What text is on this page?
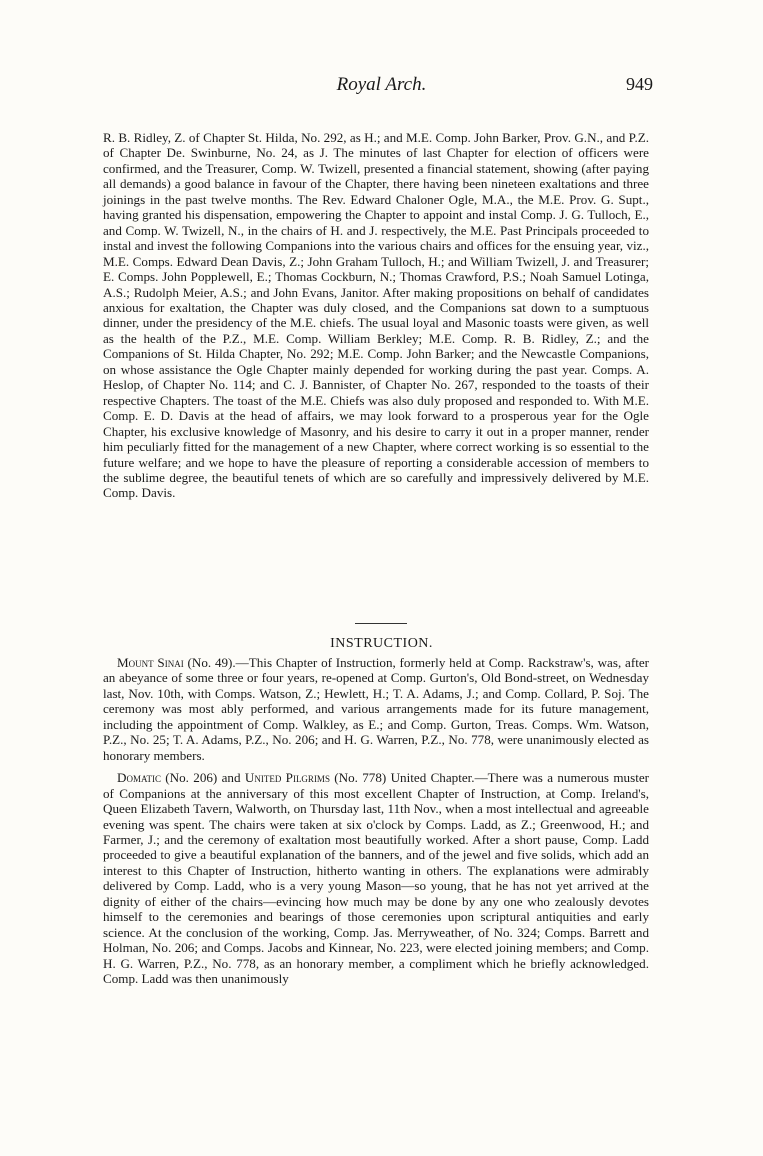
Royal Arch.	949

R. B. Ridley, Z. of Chapter St. Hilda, No. 292, as H.; and M.E. Comp. John Barker, Prov. G.N., and P.Z. of Chapter De. Swinburne, No. 24, as J. The minutes of last Chapter for election of officers were confirmed, and the Treasurer, Comp. W. Twizell, presented a financial statement, showing (after paying all demands) a good balance in favour of the Chapter, there having been nineteen exaltations and three joinings in the past twelve months. The Rev. Edward Chaloner Ogle, M.A., the M.E. Prov. G. Supt., having granted his dispensation, empowering the Chapter to appoint and instal Comp. J. G. Tulloch, E., and Comp. W. Twizell, N., in the chairs of H. and J. respectively, the M.E. Past Principals proceeded to instal and invest the following Companions into the various chairs and offices for the ensuing year, viz., M.E. Comps. Edward Dean Davis, Z.; John Graham Tulloch, H.; and William Twizell, J. and Treasurer; E. Comps. John Popplewell, E.; Thomas Cockburn, N.; Thomas Crawford, P.S.; Noah Samuel Lotinga, A.S.; Rudolph Meier, A.S.; and John Evans, Janitor. After making propositions on behalf of candidates anxious for exaltation, the Chapter was duly closed, and the Companions sat down to a sumptuous dinner, under the presidency of the M.E. chiefs. The usual loyal and Masonic toasts were given, as well as the health of the P.Z., M.E. Comp. William Berkley; M.E. Comp. R. B. Ridley, Z.; and the Companions of St. Hilda Chapter, No. 292; M.E. Comp. John Barker; and the Newcastle Companions, on whose assistance the Ogle Chapter mainly depended for working during the past year. Comps. A. Heslop, of Chapter No. 114; and C. J. Bannister, of Chapter No. 267, responded to the toasts of their respective Chapters. The toast of the M.E. Chiefs was also duly proposed and responded to. With M.E. Comp. E. D. Davis at the head of affairs, we may look forward to a prosperous year for the Ogle Chapter, his exclusive knowledge of Masonry, and his desire to carry it out in a proper manner, render him peculiarly fitted for the management of a new Chapter, where correct working is so essential to the future welfare; and we hope to have the pleasure of reporting a considerable accession of members to the sublime degree, the beautiful tenets of which are so carefully and impressively delivered by M.E. Comp. Davis.

INSTRUCTION.

Mount Sinai (No. 49).—This Chapter of Instruction, formerly held at Comp. Rackstraw's, was, after an abeyance of some three or four years, re-opened at Comp. Gurton's, Old Bond-street, on Wednesday last, Nov. 10th, with Comps. Watson, Z.; Hewlett, H.; T. A. Adams, J.; and Comp. Collard, P. Soj. The ceremony was most ably performed, and various arrangements made for its future management, including the appointment of Comp. Walkley, as E.; and Comp. Gurton, Treas. Comps. Wm. Watson, P.Z., No. 25; T. A. Adams, P.Z., No. 206; and H. G. Warren, P.Z., No. 778, were unanimously elected as honorary members.

Domatic (No. 206) and United Pilgrims (No. 778) United Chapter.—There was a numerous muster of Companions at the anniversary of this most excellent Chapter of Instruction, at Comp. Ireland's, Queen Elizabeth Tavern, Walworth, on Thursday last, 11th Nov., when a most intellectual and agreeable evening was spent. The chairs were taken at six o'clock by Comps. Ladd, as Z.; Greenwood, H.; and Farmer, J.; and the ceremony of exaltation most beautifully worked. After a short pause, Comp. Ladd proceeded to give a beautiful explanation of the banners, and of the jewel and five solids, which add an interest to this Chapter of Instruction, hitherto wanting in others. The explanations were admirably delivered by Comp. Ladd, who is a very young Mason—so young, that he has not yet arrived at the dignity of either of the chairs—evincing how much may be done by any one who zealously devotes himself to the ceremonies and bearings of those ceremonies upon scriptural antiquities and early science. At the conclusion of the working, Comp. Jas. Merryweather, of No. 324; Comps. Barrett and Holman, No. 206; and Comps. Jacobs and Kinnear, No. 223, were elected joining members; and Comp. H. G. Warren, P.Z., No. 778, as an honorary member, a compliment which he briefly acknowledged. Comp. Ladd was then unanimously
